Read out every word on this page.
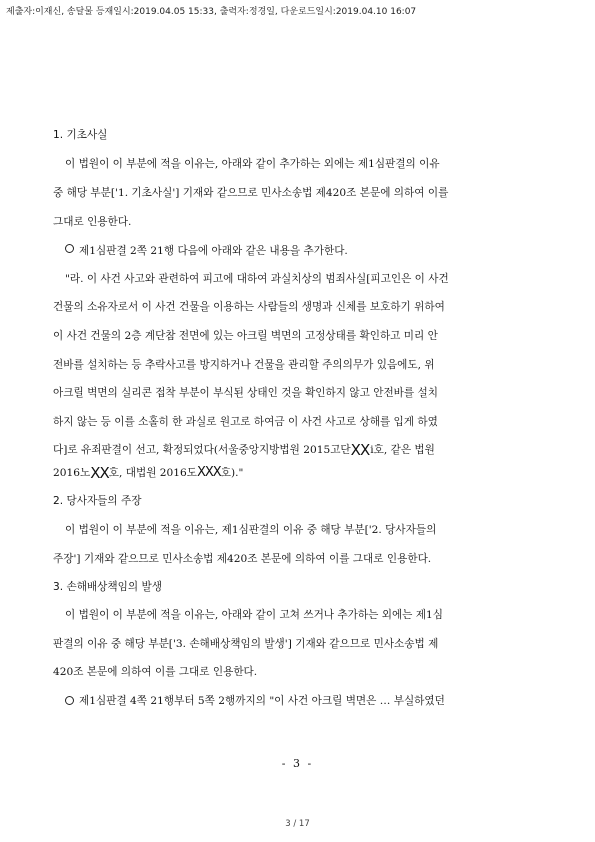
제출자:이재신, 송달물 등재일시:2019.04.05 15:33, 출력자:정경일, 다운로드일시:2019.04.10 16:07
1. 기초사실
이 법원이 이 부분에 적을 이유는, 아래와 같이 추가하는 외에는 제1심판결의 이유
중 해당 부분['1. 기초사실'] 기재와 같으므로 민사소송법 제420조 본문에 의하여 이를
그대로 인용한다.
제1심판결 2쪽 21행 다음에 아래와 같은 내용을 추가한다.
"라. 이 사건 사고와 관련하여 피고에 대하여 과실치상의 범죄사실[피고인은 이 사건
건물의 소유자로서 이 사건 건물을 이용하는 사람들의 생명과 신체를 보호하기 위하여
이 사건 건물의 2층 계단참 전면에 있는 아크릴 벽면의 고정상태를 확인하고 미리 안
전바를 설치하는 등 추락사고를 방지하거나 건물을 관리할 주의의무가 있음에도, 위
아크릴 벽면의 실리콘 접착 부분이 부식된 상태인 것을 확인하지 않고 안전바를 설치
하지 않는 등 이를 소홀히 한 과실로 원고로 하여금 이 사건 사고로 상해를 입게 하였
다]로 유죄판결이 선고, 확정되었다(서울중앙지방법원 2015고단 XX i호, 같은 법원
2016노 XX 호, 대법원 2016도 XXX 호)."
2. 당사자들의 주장
이 법원이 이 부분에 적을 이유는, 제1심판결의 이유 중 해당 부분['2. 당사자들의
주장'] 기재와 같으므로 민사소송법 제420조 본문에 의하여 이를 그대로 인용한다.
3. 손해배상책임의 발생
이 법원이 이 부분에 적을 이유는, 아래와 같이 고쳐 쓰거나 추가하는 외에는 제1심
판결의 이유 중 해당 부분['3. 손해배상책임의 발생'] 기재와 같으므로 민사소송법 제
420조 본문에 의하여 이를 그대로 인용한다.
제1심판결 4쪽 21행부터 5쪽 2행까지의 "이 사건 아크릴 벽면은 … 부실하였던
- 3 -
3 / 17
